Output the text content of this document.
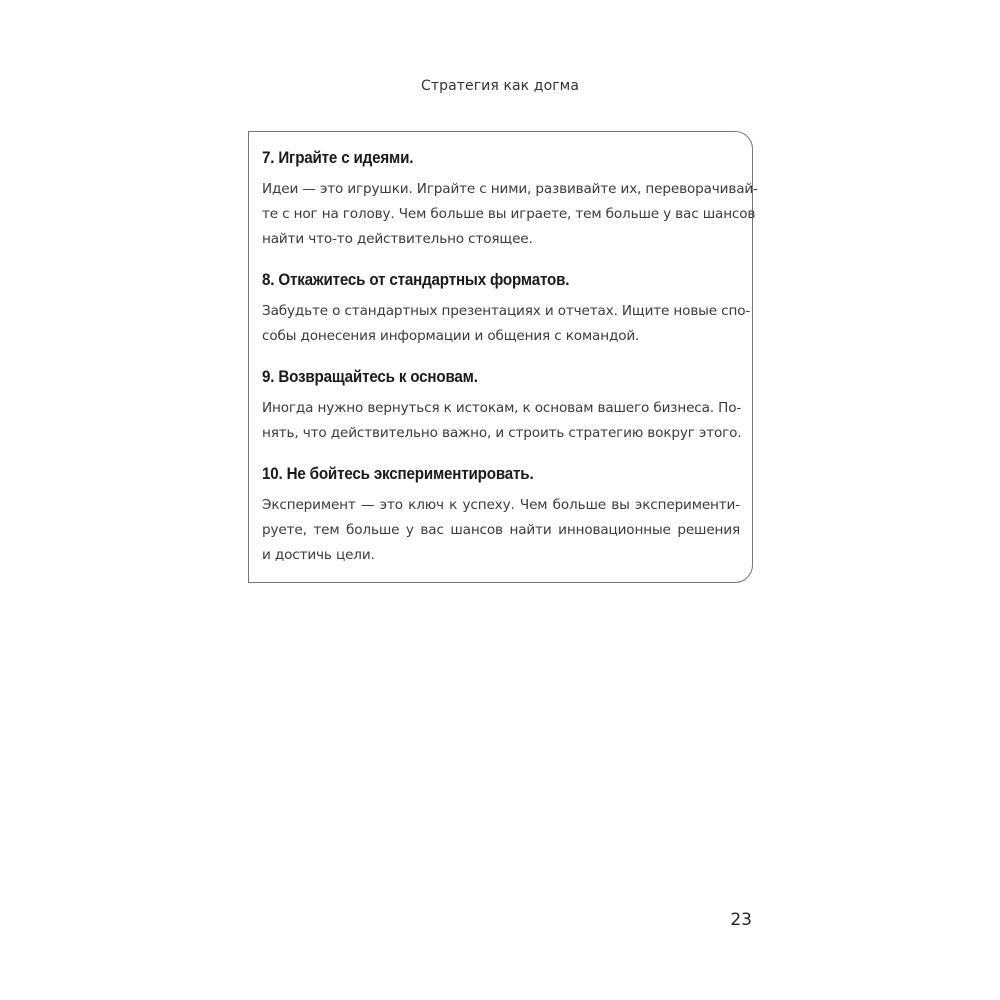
Стратегия как догма
7. Играйте с идеями.
Идеи — это игрушки. Играйте с ними, развивайте их, переворачивай-
те с ног на голову. Чем больше вы играете, тем больше у вас шансов
найти что-то действительно стоящее.
8. Откажитесь от стандартных форматов.
Забудьте о стандартных презентациях и отчетах. Ищите новые спо-
собы донесения информации и общения с командой.
9. Возвращайтесь к основам.
Иногда нужно вернуться к истокам, к основам вашего бизнеса. По-
нять, что действительно важно, и строить стратегию вокруг этого.
10. Не бойтесь экспериментировать.
Эксперимент — это ключ к успеху. Чем больше вы эксперименти-
руете, тем больше у вас шансов найти инновационные решения
и достичь цели.
23
